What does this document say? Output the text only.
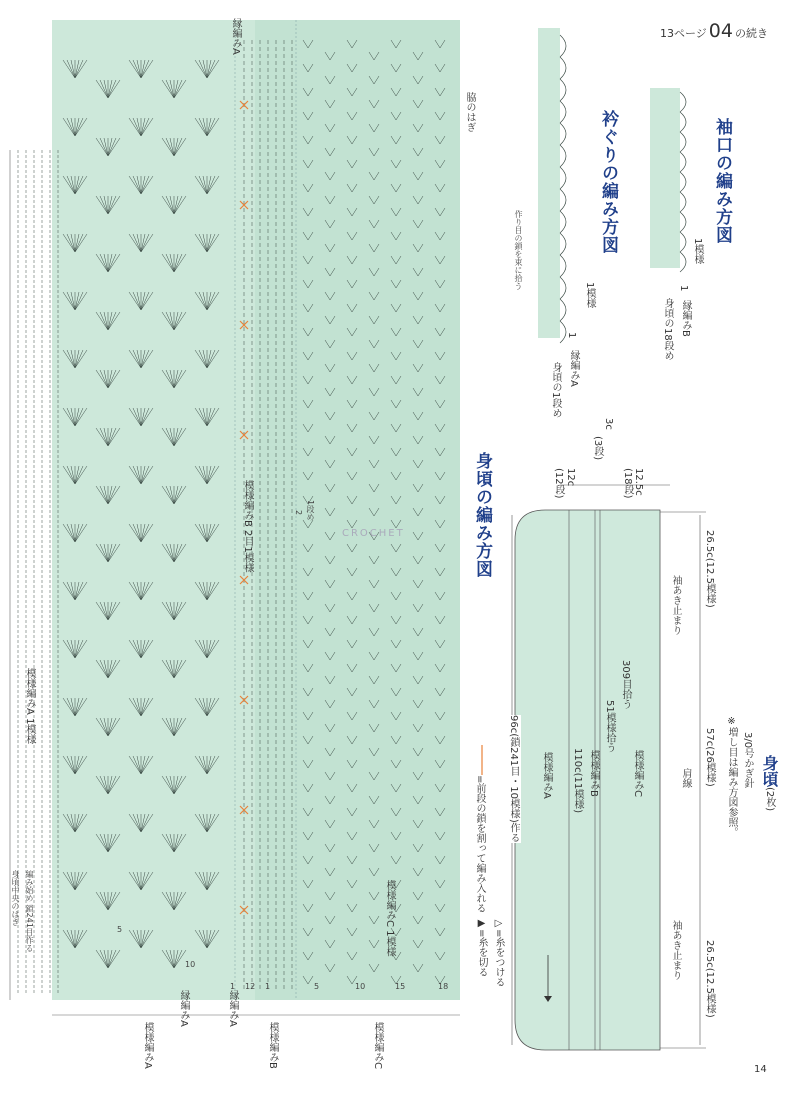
13ページ 04 の続き
袖口の編み方図
衿ぐりの編み方図
身頃の編み方図
1模様
1
縁編みB
身頃の18段め
1模様
1
縁編みA
身頃の1段め
作り目の鎖を束に拾う
縁編みA
脇のはぎ
模様編みB 2目1模様	1段め
2
模様編みA 1模様
模様編みC 1模様
身頃中央のはぎ 編み始め 鎖241目作る
CROCHET
=前段の鎖を割って編み入れる
▷=糸をつける
▶=糸を切る
1
5
10
12 1	5	10	15	18
縁編みA
模様編みA
縁編みA
模様編みB	模様編みC
12.5c
(18段)
3c
(3段)
12c
(12段)
26.5c(12.5模様)
袖あき止まり
309目拾う
51模様拾う
57c(26模様)
肩線
模様編みC
模様編みB
110c(11模様)
模様編みA
96c(鎖241目・10模様)作る
袖あき止まり 26.5c(12.5模様)
身頃(2枚)
3/0号かぎ針
※増し目は編み方図参照。
14
